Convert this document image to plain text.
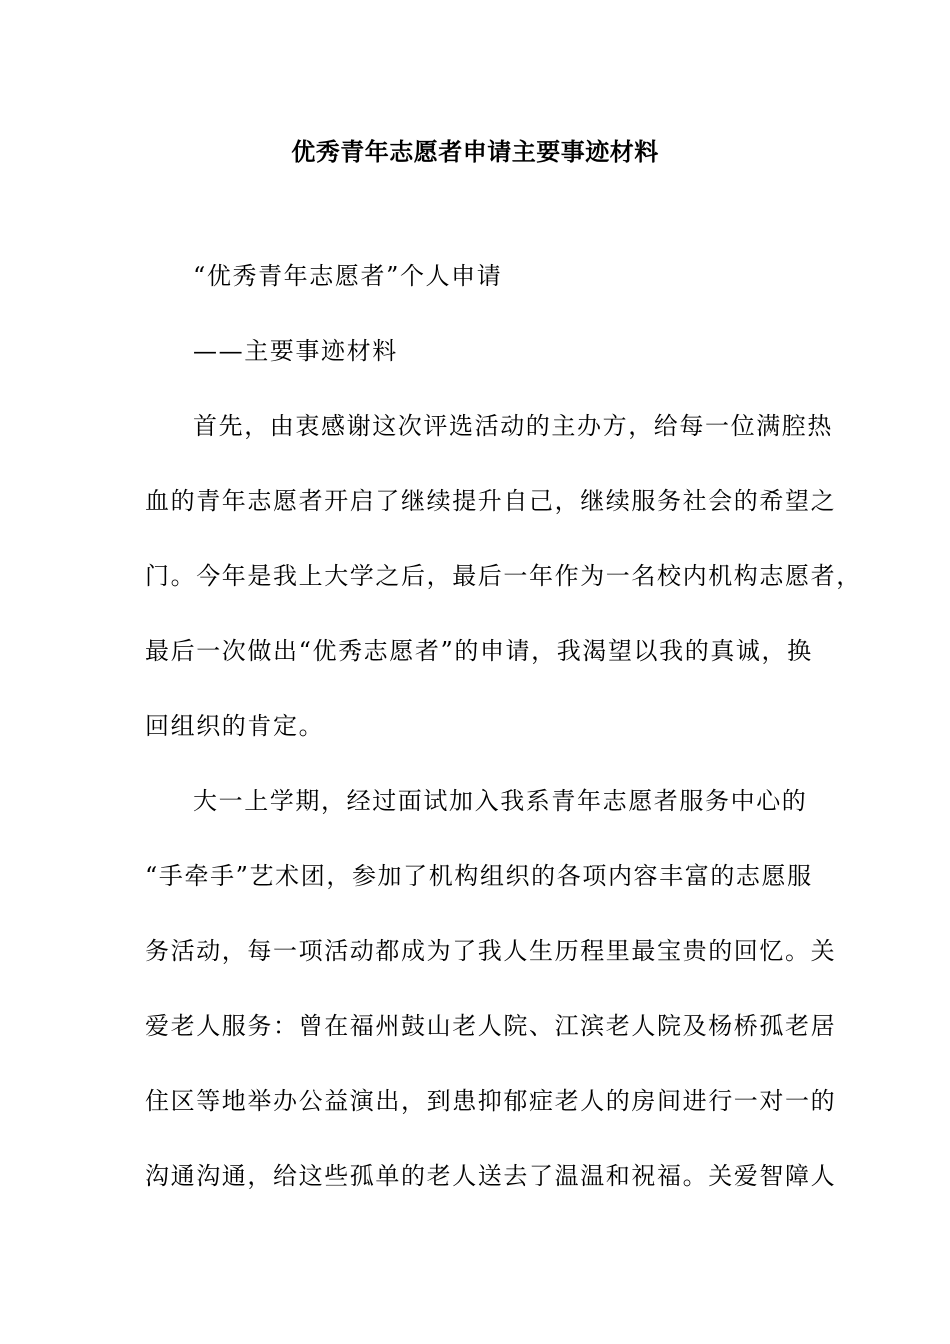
优秀青年志愿者申请主要事迹材料
“优秀青年志愿者”个人申请
——主要事迹材料
首先，由衷感谢这次评选活动的主办方，给每一位满腔热
血的青年志愿者开启了继续提升自己，继续服务社会的希望之
门。今年是我上大学之后，最后一年作为一名校内机构志愿者，
最后一次做出“优秀志愿者”的申请，我渴望以我的真诚，换
回组织的肯定。
大一上学期，经过面试加入我系青年志愿者服务中心的
“手牵手”艺术团，参加了机构组织的各项内容丰富的志愿服
务活动，每一项活动都成为了我人生历程里最宝贵的回忆。关
爱老人服务：曾在福州鼓山老人院、江滨老人院及杨桥孤老居
住区等地举办公益演出，到患抑郁症老人的房间进行一对一的
沟通沟通，给这些孤单的老人送去了温温和祝福。关爱智障人
